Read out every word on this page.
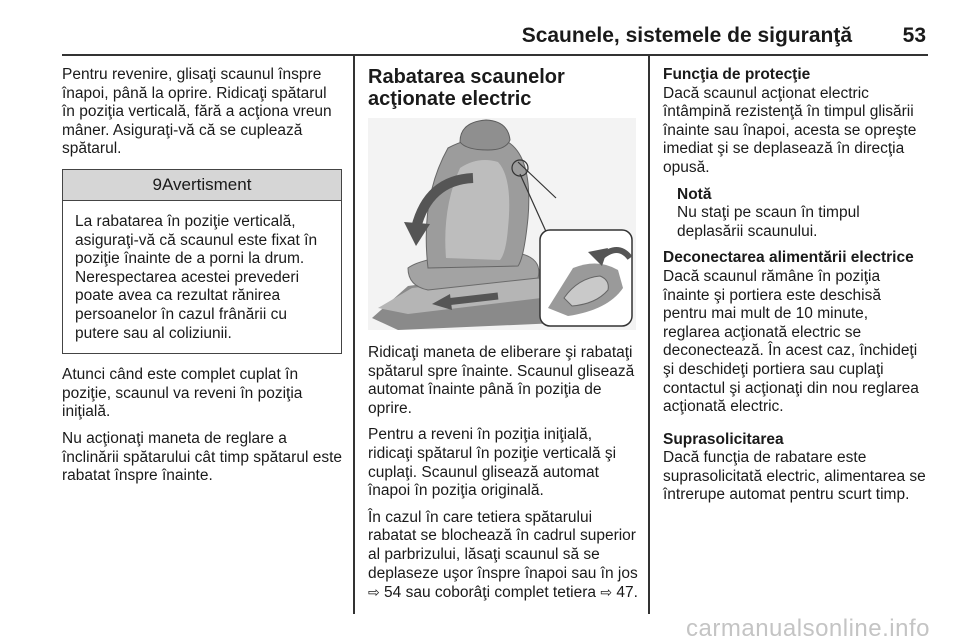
Scaunele, sistemele de siguranţă	53

Pentru revenire, glisaţi scaunul înspre înapoi, până la oprire. Ridicaţi spătarul în poziţia verticală, fără a acţiona vreun mâner. Asiguraţi-vă că se cuplează spătarul.

9Avertisment
La rabatarea în poziţie verticală, asiguraţi-vă că scaunul este fixat în poziţie înainte de a porni la drum. Nerespectarea acestei prevederi poate avea ca rezultat rănirea persoanelor în cazul frânării cu putere sau al coliziunii.

Atunci când este complet cuplat în poziţie, scaunul va reveni în poziţia iniţială.

Nu acţionaţi maneta de reglare a înclinării spătarului cât timp spătarul este rabatat înspre înainte.

Rabatarea scaunelor acţionate electric

Ridicaţi maneta de eliberare şi rabataţi spătarul spre înainte. Scaunul glisează automat înainte până în poziţia de oprire.

Pentru a reveni în poziţia iniţială, ridicaţi spătarul în poziţie verticală şi cuplaţi. Scaunul glisează automat înapoi în poziţia originală.

În cazul în care tetiera spătarului rabatat se blochează în cadrul superior al parbrizului, lăsaţi scaunul să se deplaseze uşor înspre înapoi sau în jos ⇨ 54 sau coborâţi complet tetiera ⇨ 47.

Funcţia de protecţie

Dacă scaunul acţionat electric întâmpină rezistenţă în timpul glisării înainte sau înapoi, acesta se opreşte imediat şi se deplasează în direcţia opusă.

Notă
Nu staţi pe scaun în timpul deplasării scaunului.
Deconectarea alimentării electrice

Dacă scaunul rămâne în poziţia înainte şi portiera este deschisă pentru mai mult de 10 minute, reglarea acţionată electric se deconectează. În acest caz, închideţi şi deschideţi portiera sau cuplaţi contactul şi acţionaţi din nou reglarea acţionată electric.

Suprasolicitarea

Dacă funcţia de rabatare este suprasolicitată electric, alimentarea se întrerupe automat pentru scurt timp.

carmanualsonline.info
